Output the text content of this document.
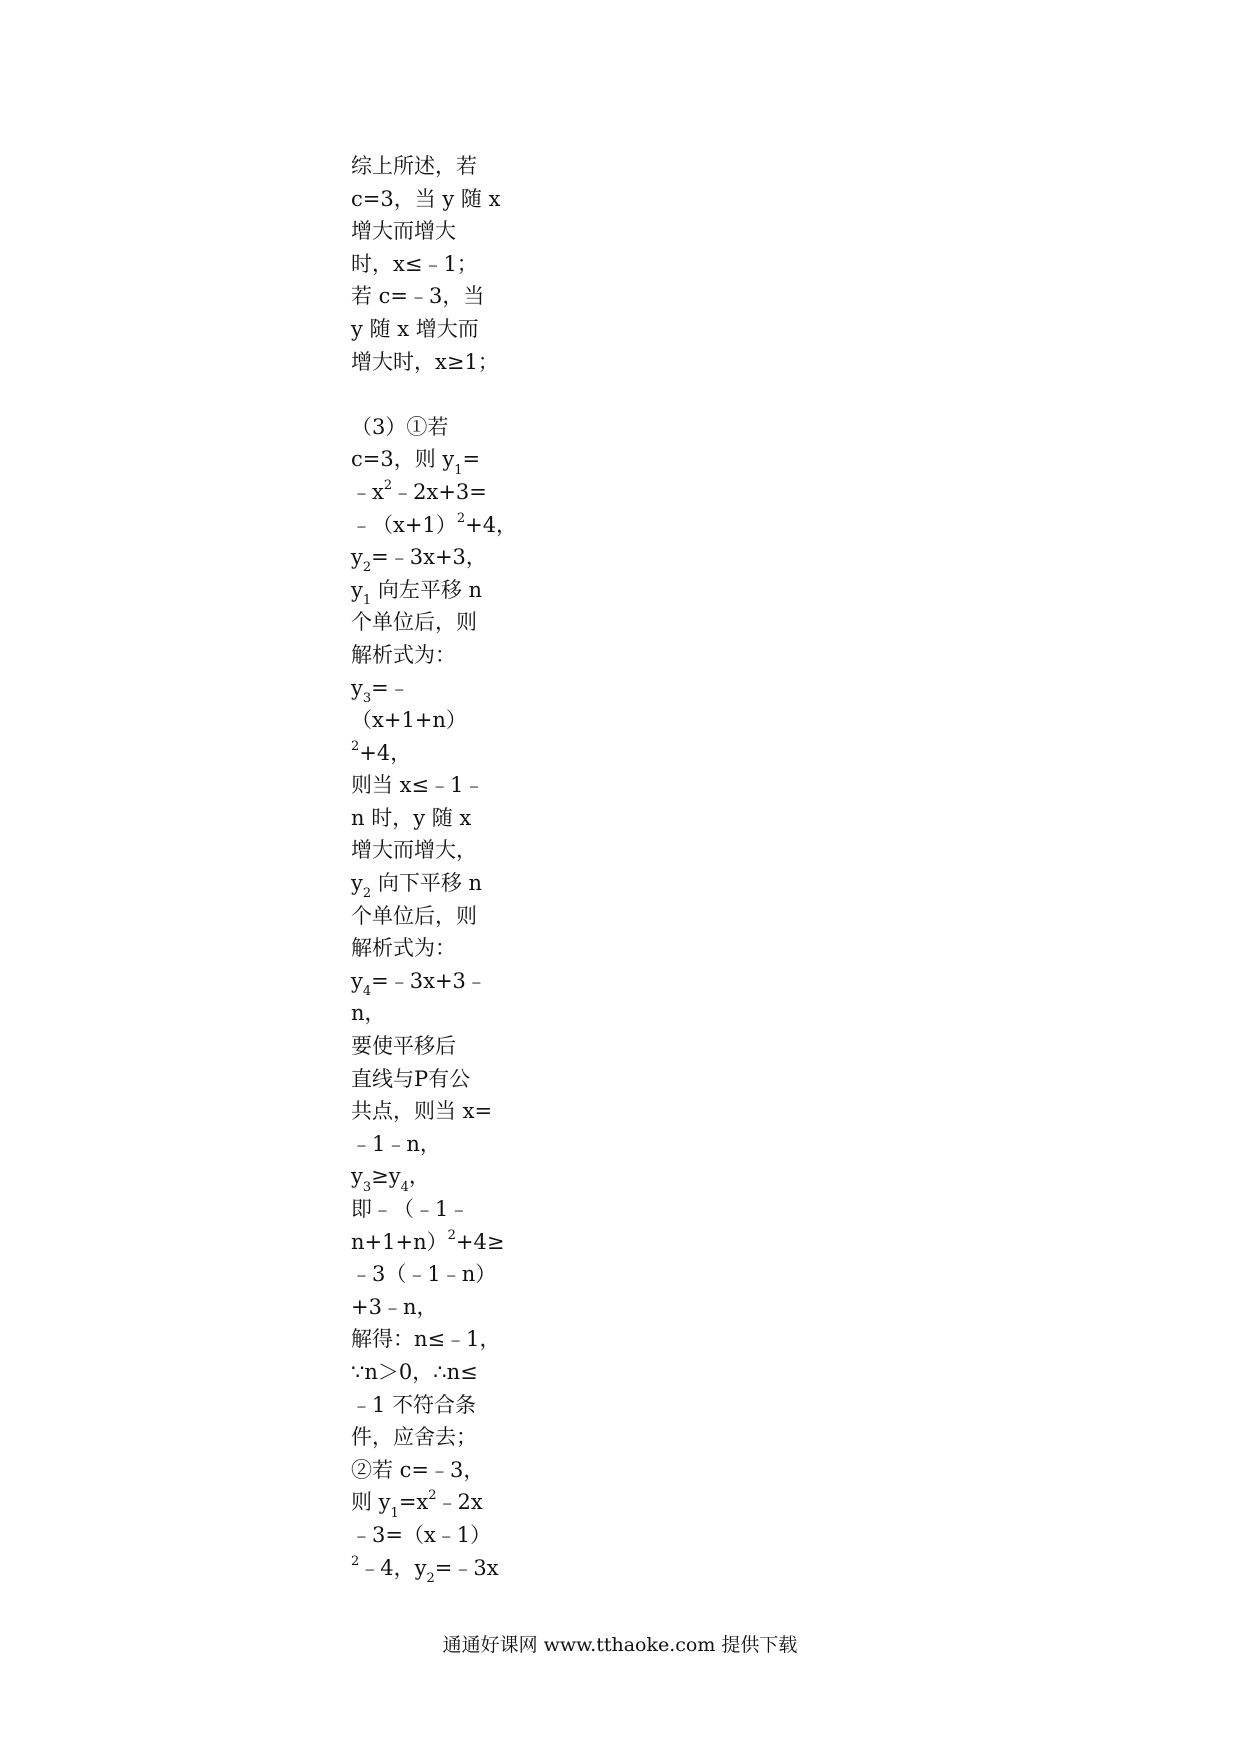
综上所述，若
c=3，当 y 随 x
增大而增大
时，x≤﹣1；
若 c=﹣3，当
y 随 x 增大而
增大时，x≥1；
（3）①若
c=3，则 $y_1=$
$﹣x^2﹣2x+3=$
$﹣(x+1)^2+4$，
$y_2=﹣3x+3$，
$y_1$ 向左平移 n
个单位后，则
解析式为：
$y_3=﹣$
（x+1+n）
$^2$+4，
则当 x≤﹣1﹣
n 时，y 随 x
增大而增大，
$y_2$ 向下平移 n
个单位后，则
解析式为：
$y_4=﹣3x+3﹣$
n，
要使平移后
直线与P有公
共点，则当 x=
﹣1﹣n，
$y_3\ge y_4$，
即﹣（﹣1﹣
n+1+n）$^2$+4≥
﹣3（﹣1﹣n）
+3﹣n，
解得：n≤﹣1，
∵n＞0，∴n≤
﹣1 不符合条
件，应舍去；
②若 c=﹣3，
则 $y_1=x^2﹣2x$
﹣3=（x﹣1）
$^2$﹣4，$y_2=﹣3x$
通通好课网 www.tthaoke.com 提供下载
